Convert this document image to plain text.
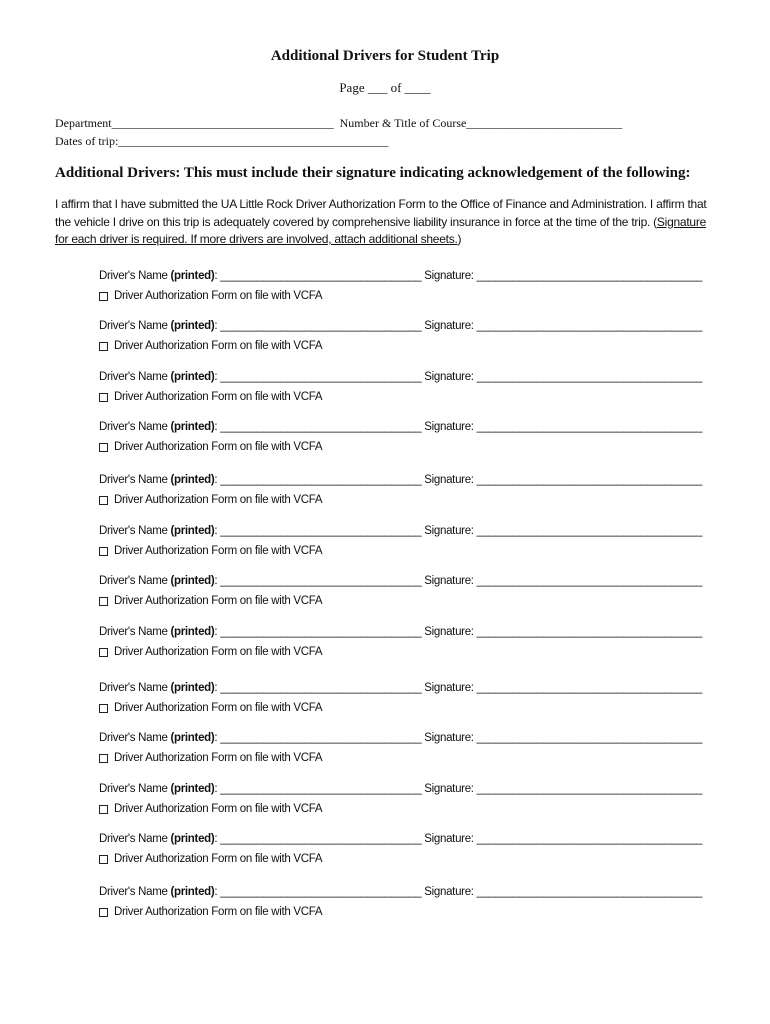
Additional Drivers for Student Trip
Page ___ of ____
Department_____________________________________  Number & Title of Course__________________________
Dates of trip:_____________________________________________
Additional Drivers: This must include their signature indicating acknowledgement of the following:
I affirm that I have submitted the UA Little Rock Driver Authorization Form to the Office of Finance and Administration. I affirm that the vehicle I drive on this trip is adequately covered by comprehensive liability insurance in force at the time of the trip. (Signature for each driver is required. If more drivers are involved, attach additional sheets.)
Driver's Name (printed): _________________________________ Signature: _____________________________________
Driver Authorization Form on file with VCFA
Driver's Name (printed): _________________________________ Signature: _____________________________________
Driver Authorization Form on file with VCFA
Driver's Name (printed): _________________________________ Signature: _____________________________________
Driver Authorization Form on file with VCFA
Driver's Name (printed): _________________________________ Signature: _____________________________________
Driver Authorization Form on file with VCFA
Driver's Name (printed): _________________________________ Signature: _____________________________________
Driver Authorization Form on file with VCFA
Driver's Name (printed): _________________________________ Signature: _____________________________________
Driver Authorization Form on file with VCFA
Driver's Name (printed): _________________________________ Signature: _____________________________________
Driver Authorization Form on file with VCFA
Driver's Name (printed): _________________________________ Signature: _____________________________________
Driver Authorization Form on file with VCFA
Driver's Name (printed): _________________________________ Signature: _____________________________________
Driver Authorization Form on file with VCFA
Driver's Name (printed): _________________________________ Signature: _____________________________________
Driver Authorization Form on file with VCFA
Driver's Name (printed): _________________________________ Signature: _____________________________________
Driver Authorization Form on file with VCFA
Driver's Name (printed): _________________________________ Signature: _____________________________________
Driver Authorization Form on file with VCFA
Driver's Name (printed): _________________________________ Signature: _____________________________________
Driver Authorization Form on file with VCFA
